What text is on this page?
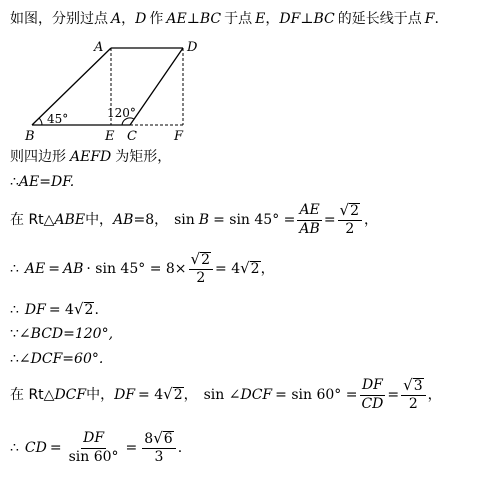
如图，分别过点 A ， D 作 AE ⊥ BC 于点 E ， DF ⊥ BC 的延长线于点 F .
A	D
B	E C	F
45°	120°
则四边形 AEFD 为矩形，
∴ AE=DF.
在 Rt△ ABE 中， AB =8， $\sin B = \sin 45^\circ = \frac{AE}{AB} = \frac{√ 2}{2}$ ，
∴ AE = AB · $\sin 45^\circ = 8\times \frac{√ 2}{2} = 4$ √ 2 ，
∴ DF = 4 √ 2 .
∵ ∠BCD=120°,
∴ ∠DCF=60°.
在 Rt△ DCF 中， DF = 4 √ 2 ， sin ∠ DCF = $\sin 60^\circ = \frac{DF}{CD} = \frac{√ 3}{2}$ ，
∴ CD = $\frac{DF}{\sin 60^\circ} = \frac{8 √ 6}{3}$ .
